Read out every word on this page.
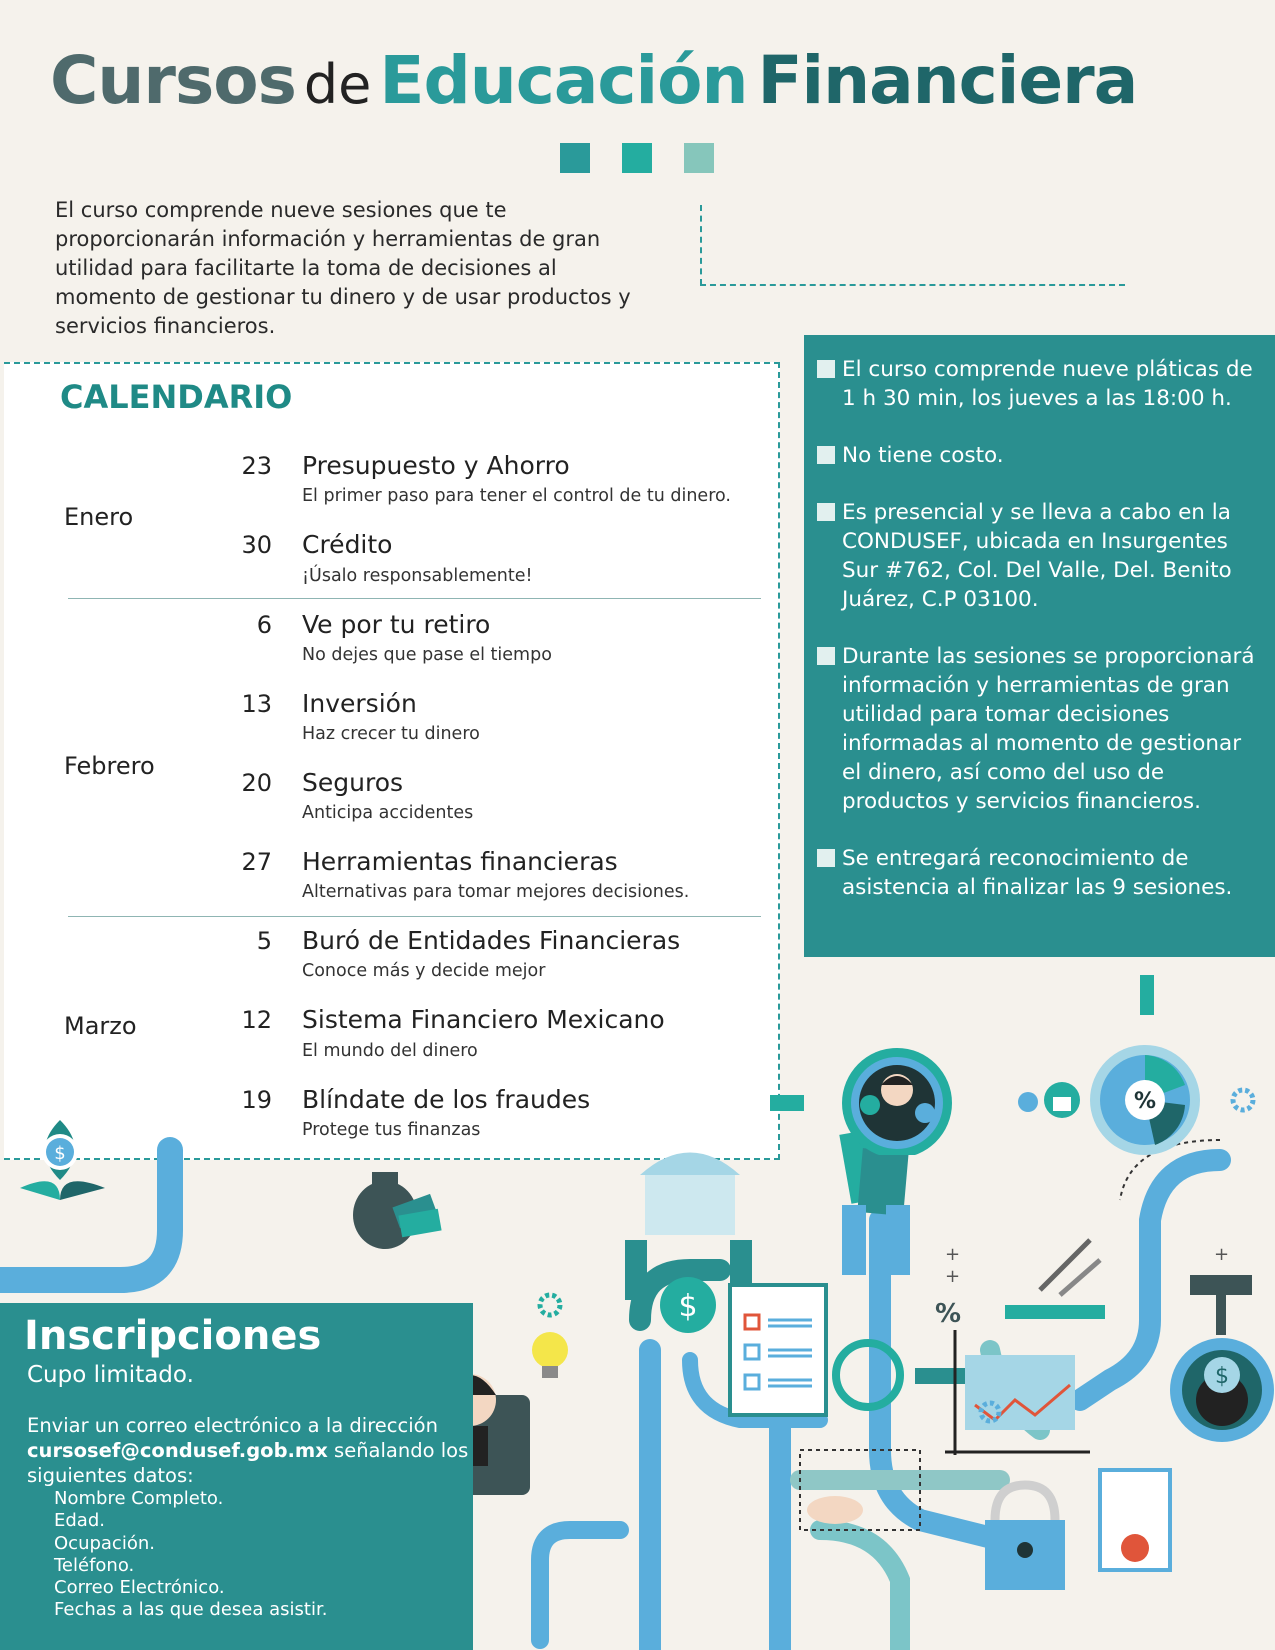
Cursos de Educación Financiera

El curso comprende nueve sesiones que te proporcionarán información y herramientas de gran utilidad para facilitarte la toma de decisiones al momento de gestionar tu dinero y de usar productos y servicios financieros.

CALENDARIO
Enero
Febrero
Marzo
23 Presupuesto y Ahorro
El primer paso para tener el control de tu dinero.
30 Crédito
¡Úsalo responsablemente!
6 Ve por tu retiro
No dejes que pase el tiempo
13 Inversión
Haz crecer tu dinero
20 Seguros
Anticipa accidentes
27 Herramientas financieras
Alternativas para tomar mejores decisiones.
5 Buró de Entidades Financieras
Conoce más y decide mejor
12 Sistema Financiero Mexicano
El mundo del dinero
19 Blíndate de los fraudes
Protege tus finanzas
El curso comprende nueve pláticas de 1 h 30 min, los jueves a las 18:00 h.
No tiene costo.
Es presencial y se lleva a cabo en la CONDUSEF, ubicada en Insurgentes Sur #762, Col. Del Valle, Del. Benito Juárez, C.P 03100.
Durante las sesiones se proporcionará información y herramientas de gran utilidad para tomar decisiones informadas al momento de gestionar el dinero, así como del uso de productos y servicios financieros.
Se entregará reconocimiento de asistencia al finalizar las 9 sesiones.
$
$	%
+
+
$
+
%
Inscripciones
Cupo limitado.
Enviar un correo electrónico a la dirección cursosef@condusef.gob.mx señalando los siguientes datos:
Nombre Completo.
Edad.
Ocupación.
Teléfono.
Correo Electrónico.
Fechas a las que desea asistir.
